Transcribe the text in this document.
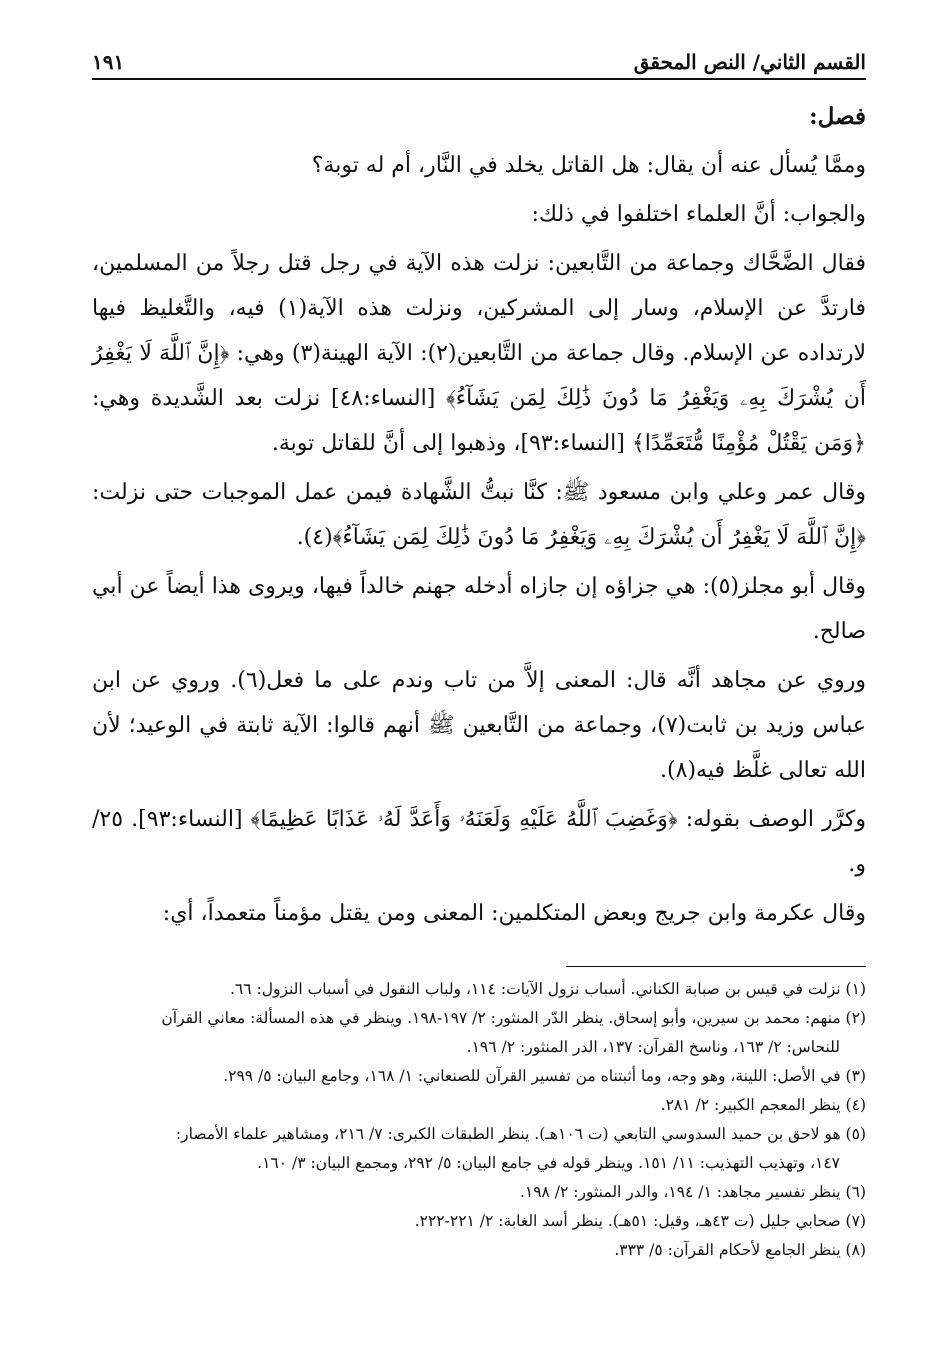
القسم الثاني/ النص المحقق
١٩١

فصل:

وممَّا يُسأل عنه أن يقال: هل القاتل يخلد في النَّار، أم له توبة؟

والجواب: أنَّ العلماء اختلفوا في ذلك:

فقال الضَّحَّاك وجماعة من التَّابعين: نزلت هذه الآية في رجل قتل رجلاً من المسلمين، فارتدَّ عن الإسلام، وسار إلى المشركين، ونزلت هذه الآية(١) فيه، والتَّغليظ فيها لارتداده عن الإسلام. وقال جماعة من التَّابعين(٢): الآية الهينة(٣) وهي: ﴿إِنَّ ٱللَّهَ لَا يَغْفِرُ أَن يُشْرَكَ بِهِۦ وَيَغْفِرُ مَا دُونَ ذَٰلِكَ لِمَن يَشَآءُ﴾ [النساء:٤٨] نزلت بعد الشَّديدة وهي: ﴿وَمَن يَقْتُلْ مُؤْمِنًا مُّتَعَمِّدًا﴾ [النساء:٩٣]، وذهبوا إلى أنَّ للقاتل توبة.

وقال عمر وعلي وابن مسعود ﷺ: كنَّا نبتُّ الشَّهادة فيمن عمل الموجبات حتى نزلت: ﴿إِنَّ ٱللَّهَ لَا يَغْفِرُ أَن يُشْرَكَ بِهِۦ وَيَغْفِرُ مَا دُونَ ذَٰلِكَ لِمَن يَشَآءُ﴾(٤).

وقال أبو مجلز(٥): هي جزاؤه إن جازاه أدخله جهنم خالداً فيها، ويروى هذا أيضاً عن أبي صالح.

وروي عن مجاهد أنَّه قال: المعنى إلاَّ من تاب وندم على ما فعل(٦). وروي عن ابن عباس وزيد بن ثابت(٧)، وجماعة من التَّابعين ﷺ أنهم قالوا: الآية ثابتة في الوعيد؛ لأن الله تعالى غلَّظ فيه(٨).

وكرَّر الوصف بقوله: ﴿وَغَضِبَ ٱللَّهُ عَلَيْهِ وَلَعَنَهُۥ وَأَعَدَّ لَهُۥ عَذَابًا عَظِيمًا﴾ [النساء:٩٣]. ٢٥/و.

وقال عكرمة وابن جريج وبعض المتكلمين: المعنى ومن يقتل مؤمناً متعمداً، أي:

(١) نزلت في قيس بن صبابة الكناني. أسباب نزول الآيات: ١١٤، ولباب النقول في أسباب النزول: ٦٦.

(٢) منهم: محمد بن سيرين، وأبو إسحاق. ينظر الدّر المنثور: ٢/ ١٩٧-١٩٨. وينظر في هذه المسألة: معاني القرآن
للنحاس: ٢/ ١٦٣، وناسخ القرآن: ١٣٧، الدر المنثور: ٢/ ١٩٦.

(٣) في الأصل: اللينة، وهو وجه، وما أثبتناه من تفسير القرآن للصنعاني: ١/ ١٦٨، وجامع البيان: ٥/ ٢٩٩.

(٤) ينظر المعجم الكبير: ٢/ ٢٨١.

(٥) هو لاحق بن حميد السدوسي التابعي (ت ١٠٦هـ). ينظر الطبقات الكبرى: ٧/ ٢١٦، ومشاهير علماء الأمصار:
١٤٧، وتهذيب التهذيب: ١١/ ١٥١. وينظر قوله في جامع البيان: ٥/ ٢٩٢، ومجمع البيان: ٣/ ١٦٠.

(٦) ينظر تفسير مجاهد: ١/ ١٩٤، والدر المنثور: ٢/ ١٩٨.

(٧) صحابي جليل (ت ٤٣هـ، وقيل: ٥١هـ). ينظر أسد الغابة: ٢/ ٢٢١-٢٢٢.

(٨) ينظر الجامع لأحكام القرآن: ٥/ ٣٣٣.
